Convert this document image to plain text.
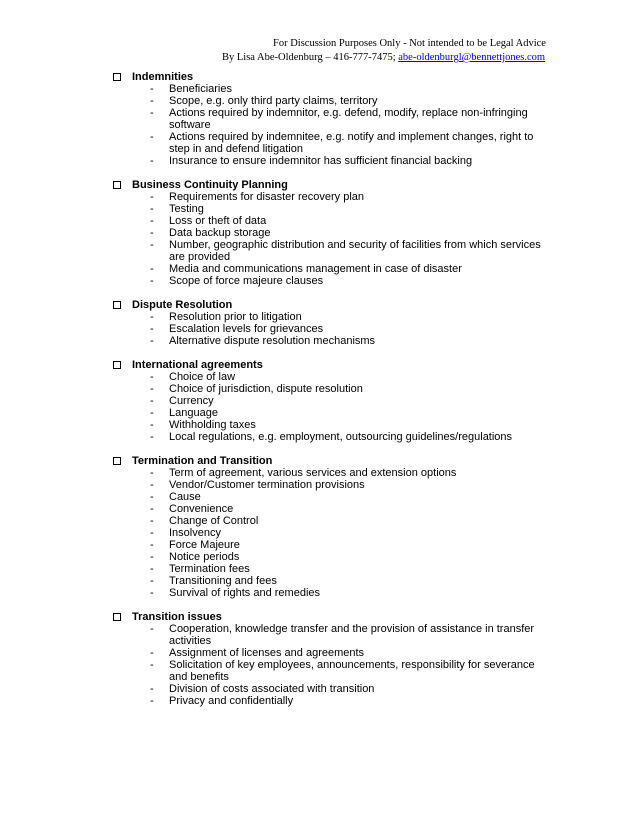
For Discussion Purposes Only - Not intended to be Legal Advice
By Lisa Abe-Oldenburg – 416-777-7475; abe-oldenburgl@bennettjones.com
Indemnities
- Beneficiaries
- Scope, e.g. only third party claims, territory
- Actions required by indemnitor, e.g. defend, modify, replace non-infringing software
- Actions required by indemnitee, e.g. notify and implement changes, right to step in and defend litigation
- Insurance to ensure indemnitor has sufficient financial backing
Business Continuity Planning
- Requirements for disaster recovery plan
- Testing
- Loss or theft of data
- Data backup storage
- Number, geographic distribution and security of facilities from which services are provided
- Media and communications management in case of disaster
- Scope of force majeure clauses
Dispute Resolution
- Resolution prior to litigation
- Escalation levels for grievances
- Alternative dispute resolution mechanisms
International agreements
- Choice of law
- Choice of jurisdiction, dispute resolution
- Currency
- Language
- Withholding taxes
- Local regulations, e.g. employment, outsourcing guidelines/regulations
Termination and Transition
- Term of agreement, various services and extension options
- Vendor/Customer termination provisions
- Cause
- Convenience
- Change of Control
- Insolvency
- Force Majeure
- Notice periods
- Termination fees
- Transitioning and fees
- Survival of rights and remedies
Transition issues
- Cooperation, knowledge transfer and the provision of assistance in transfer activities
- Assignment of licenses and agreements
- Solicitation of key employees, announcements, responsibility for severance and benefits
- Division of costs associated with transition
- Privacy and confidentially
